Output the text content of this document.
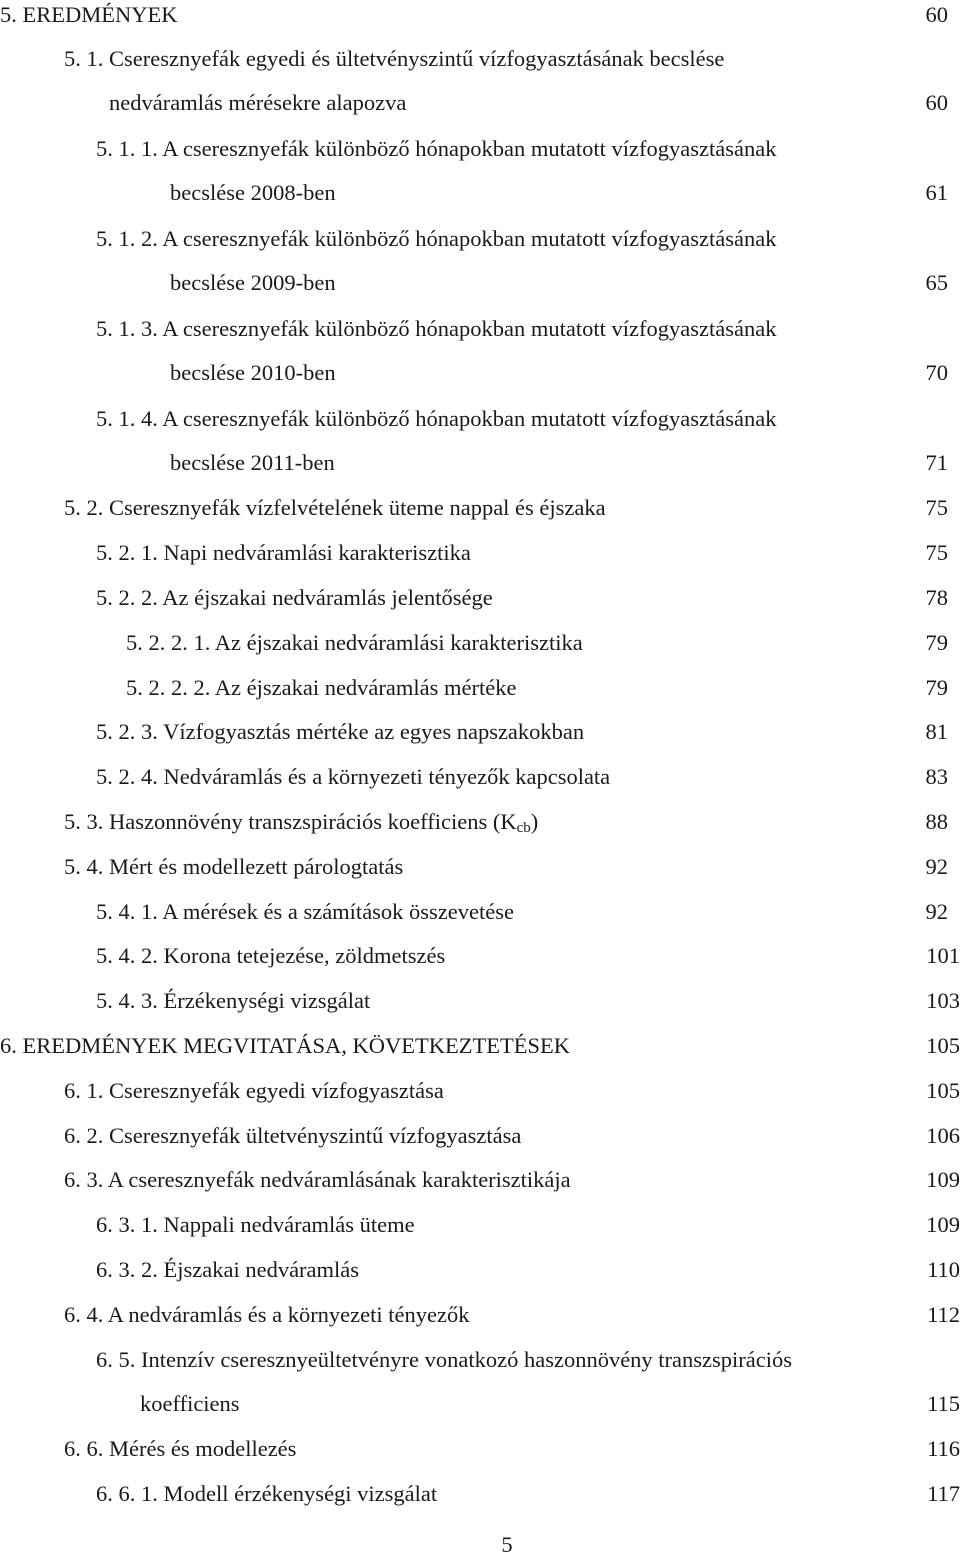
5. EREDMÉNYEK	60
5. 1. Cseresznyefák egyedi és ültetvényszintű vízfogyasztásának becslése
nedváramlás mérésekre alapozva	60
5. 1. 1. A cseresznyefák különböző hónapokban mutatott vízfogyasztásának
becslése 2008-ben	61
5. 1. 2. A cseresznyefák különböző hónapokban mutatott vízfogyasztásának
becslése 2009-ben	65
5. 1. 3. A cseresznyefák különböző hónapokban mutatott vízfogyasztásának
becslése 2010-ben	70
5. 1. 4. A cseresznyefák különböző hónapokban mutatott vízfogyasztásának
becslése 2011-ben	71
5. 2. Cseresznyefák vízfelvételének üteme nappal és éjszaka	75
5. 2. 1. Napi nedváramlási karakterisztika	75
5. 2. 2. Az éjszakai nedváramlás jelentősége	78
5. 2. 2. 1. Az éjszakai nedváramlási karakterisztika	79
5. 2. 2. 2. Az éjszakai nedváramlás mértéke	79
5. 2. 3. Vízfogyasztás mértéke az egyes napszakokban	81
5. 2. 4. Nedváramlás és a környezeti tényezők kapcsolata	83
5. 3. Haszonnövény transzspirációs koefficiens $(K_{cb})$	88
5. 4. Mért és modellezett párologtatás	92
5. 4. 1. A mérések és a számítások összevetése	92
5. 4. 2. Korona tetejezése, zöldmetszés	101
5. 4. 3. Érzékenységi vizsgálat	103
6. EREDMÉNYEK MEGVITATÁSA, KÖVETKEZTETÉSEK	105
6. 1. Cseresznyefák egyedi vízfogyasztása	105
6. 2. Cseresznyefák ültetvényszintű vízfogyasztása	106
6. 3. A cseresznyefák nedváramlásának karakterisztikája	109
6. 3. 1. Nappali nedváramlás üteme	109
6. 3. 2. Éjszakai nedváramlás	110
6. 4. A nedváramlás és a környezeti tényezők	112
6. 5. Intenzív cseresznyeültetvényre vonatkozó haszonnövény transzspirációs
koefficiens	115
6. 6. Mérés és modellezés	116
6. 6. 1. Modell érzékenységi vizsgálat	117
5
